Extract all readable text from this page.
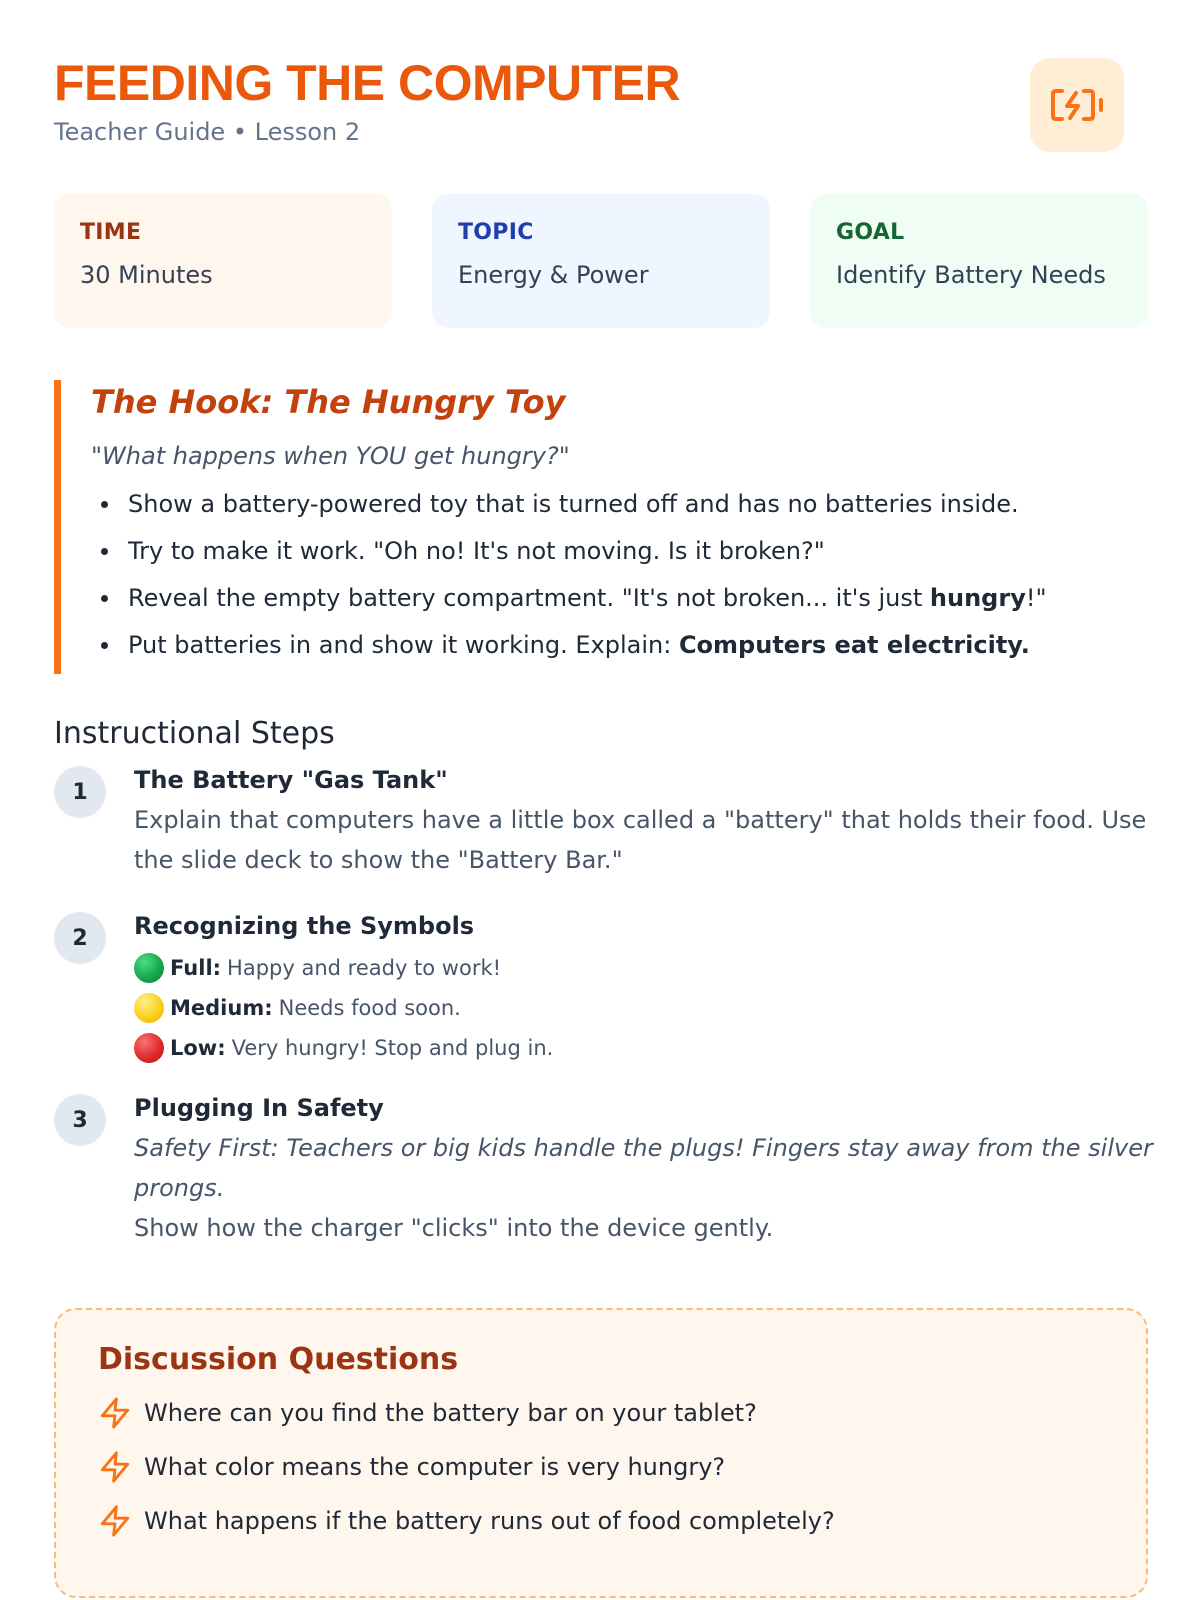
FEEDING THE COMPUTER
Teacher Guide • Lesson 2
TIME
30 Minutes
TOPIC
Energy & Power
GOAL
Identify Battery Needs
The Hook: The Hungry Toy
"What happens when YOU get hungry?"
Show a battery-powered toy that is turned off and has no batteries inside.
Try to make it work. "Oh no! It's not moving. Is it broken?"
Reveal the empty battery compartment. "It's not broken... it's just hungry!"
Put batteries in and show it working. Explain: Computers eat electricity.
Instructional Steps
1	The Battery "Gas Tank"
Explain that computers have a little box called a "battery" that holds their food. Use the slide deck to show the "Battery Bar."
2	Recognizing the Symbols
Full: Happy and ready to work!
Medium: Needs food soon.
Low: Very hungry! Stop and plug in.
3	Plugging In Safety
Safety First: Teachers or big kids handle the plugs! Fingers stay away from the silver prongs.
Show how the charger "clicks" into the device gently.
Discussion Questions
Where can you find the battery bar on your tablet?
What color means the computer is very hungry?
What happens if the battery runs out of food completely?
